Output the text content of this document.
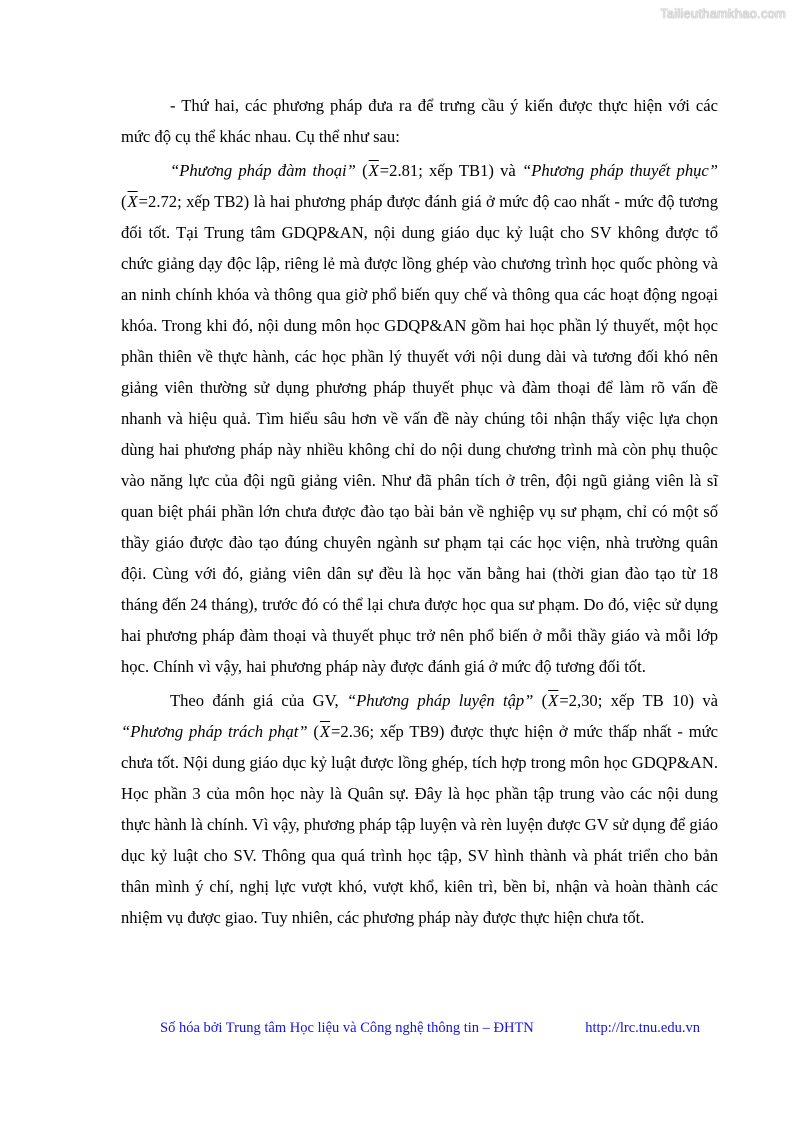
Tailieuthamkhao.com

- Thứ hai, các phương pháp đưa ra để trưng cầu ý kiến được thực hiện với các mức độ cụ thể khác nhau. Cụ thể như sau:

“Phương pháp đàm thoại” ($\overline{X}=2.81$; xếp TB1) và “Phương pháp thuyết phục” ($\overline{X}=2.72$; xếp TB2) là hai phương pháp được đánh giá ở mức độ cao nhất - mức độ tương đối tốt. Tại Trung tâm GDQP&AN, nội dung giáo dục kỷ luật cho SV không được tổ chức giảng dạy độc lập, riêng lẻ mà được lồng ghép vào chương trình học quốc phòng và an ninh chính khóa và thông qua giờ phổ biến quy chế và thông qua các hoạt động ngoại khóa. Trong khi đó, nội dung môn học GDQP&AN gồm hai học phần lý thuyết, một học phần thiên về thực hành, các học phần lý thuyết với nội dung dài và tương đối khó nên giảng viên thường sử dụng phương pháp thuyết phục và đàm thoại để làm rõ vấn đề nhanh và hiệu quả. Tìm hiểu sâu hơn về vấn đề này chúng tôi nhận thấy việc lựa chọn dùng hai phương pháp này nhiều không chỉ do nội dung chương trình mà còn phụ thuộc vào năng lực của đội ngũ giảng viên. Như đã phân tích ở trên, đội ngũ giảng viên là sĩ quan biệt phái phần lớn chưa được đào tạo bài bản về nghiệp vụ sư phạm, chỉ có một số thầy giáo được đào tạo đúng chuyên ngành sư phạm tại các học viện, nhà trường quân đội. Cùng với đó, giảng viên dân sự đều là học văn bằng hai (thời gian đào tạo từ 18 tháng đến 24 tháng), trước đó có thể lại chưa được học qua sư phạm. Do đó, việc sử dụng hai phương pháp đàm thoại và thuyết phục trở nên phổ biến ở mỗi thầy giáo và mỗi lớp học. Chính vì vậy, hai phương pháp này được đánh giá ở mức độ tương đối tốt.

Theo đánh giá của GV, “Phương pháp luyện tập” ($\overline{X}=2,30$; xếp TB 10) và “Phương pháp trách phạt” ($\overline{X}=2.36$; xếp TB9) được thực hiện ở mức thấp nhất - mức chưa tốt. Nội dung giáo dục kỷ luật được lồng ghép, tích hợp trong môn học GDQP&AN. Học phần 3 của môn học này là Quân sự. Đây là học phần tập trung vào các nội dung thực hành là chính. Vì vậy, phương pháp tập luyện và rèn luyện được GV sử dụng để giáo dục kỷ luật cho SV. Thông qua quá trình học tập, SV hình thành và phát triển cho bản thân mình ý chí, nghị lực vượt khó, vượt khổ, kiên trì, bền bỉ, nhận và hoàn thành các nhiệm vụ được giao. Tuy nhiên, các phương pháp này được thực hiện chưa tốt.

Số hóa bởi Trung tâm Học liệu và Công nghệ thông tin – ĐHTN	http://lrc.tnu.edu.vn
